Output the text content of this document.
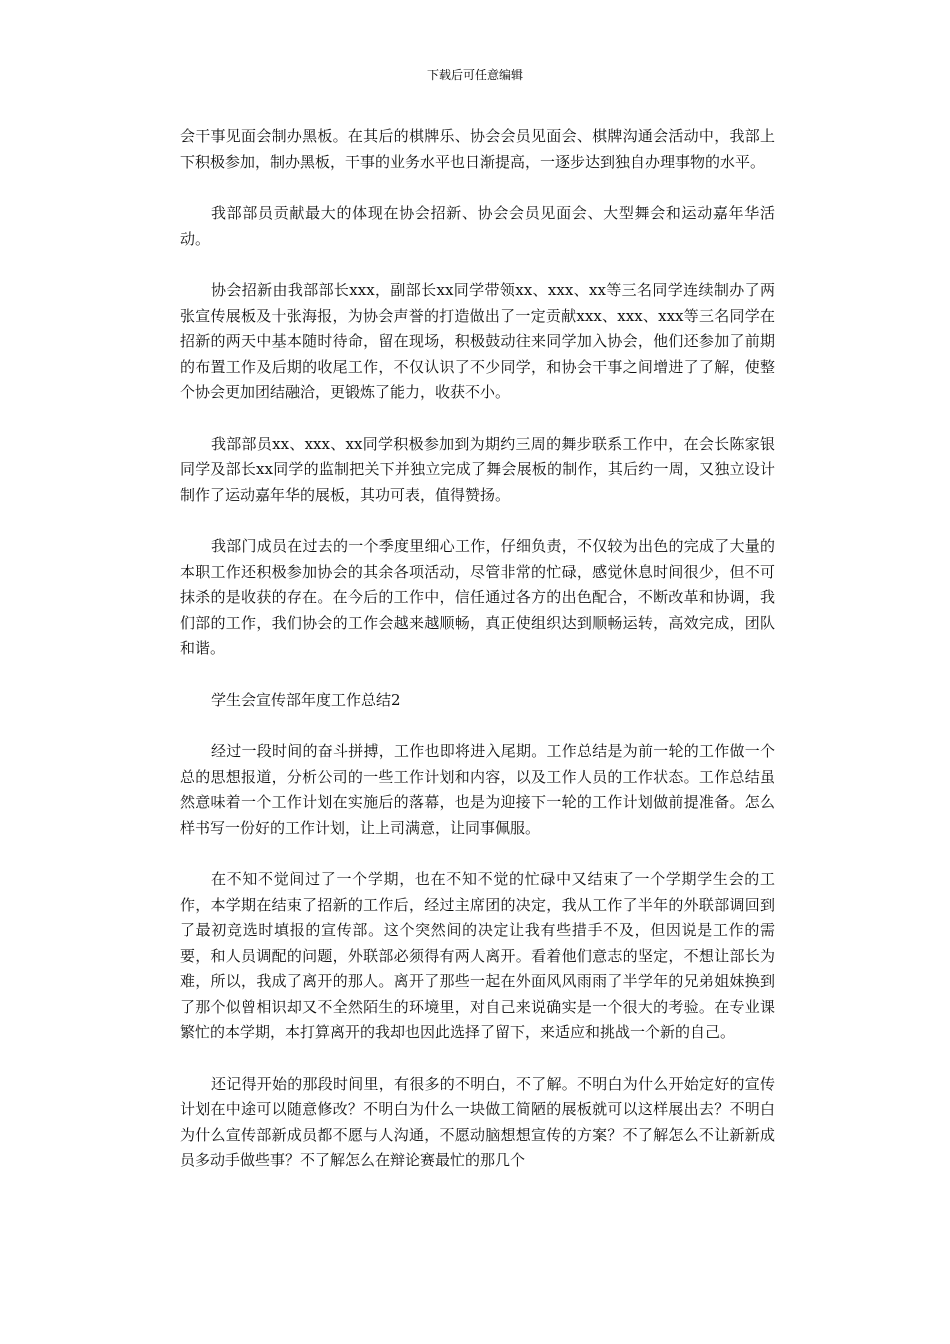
下载后可任意编辑

会干事见面会制办黑板。在其后的棋牌乐、协会会员见面会、棋牌沟通会活动中，我部上下积极参加，制办黑板，干事的业务水平也日渐提高，一逐步达到独自办理事物的水平。

我部部员贡献最大的体现在协会招新、协会会员见面会、大型舞会和运动嘉年华活动。

协会招新由我部部长xxx，副部长xx同学带领xx、xxx、xx等三名同学连续制办了两张宣传展板及十张海报，为协会声誉的打造做出了一定贡献xxx、xxx、xxx等三名同学在招新的两天中基本随时待命，留在现场，积极鼓动往来同学加入协会，他们还参加了前期的布置工作及后期的收尾工作，不仅认识了不少同学，和协会干事之间增进了了解，使整个协会更加团结融洽，更锻炼了能力，收获不小。

我部部员xx、xxx、xx同学积极参加到为期约三周的舞步联系工作中，在会长陈家银同学及部长xx同学的监制把关下并独立完成了舞会展板的制作，其后约一周，又独立设计制作了运动嘉年华的展板，其功可表，值得赞扬。

我部门成员在过去的一个季度里细心工作，仔细负责，不仅较为出色的完成了大量的本职工作还积极参加协会的其余各项活动，尽管非常的忙碌，感觉休息时间很少，但不可抹杀的是收获的存在。在今后的工作中，信任通过各方的出色配合，不断改革和协调，我们部的工作，我们协会的工作会越来越顺畅，真正使组织达到顺畅运转，高效完成，团队和谐。

学生会宣传部年度工作总结2

经过一段时间的奋斗拼搏，工作也即将进入尾期。工作总结是为前一轮的工作做一个总的思想报道，分析公司的一些工作计划和内容，以及工作人员的工作状态。工作总结虽然意味着一个工作计划在实施后的落幕，也是为迎接下一轮的工作计划做前提准备。怎么样书写一份好的工作计划，让上司满意，让同事佩服。

在不知不觉间过了一个学期，也在不知不觉的忙碌中又结束了一个学期学生会的工作，本学期在结束了招新的工作后，经过主席团的决定，我从工作了半年的外联部调回到了最初竞选时填报的宣传部。这个突然间的决定让我有些措手不及，但因说是工作的需要，和人员调配的问题，外联部必须得有两人离开。看着他们意志的坚定，不想让部长为难，所以，我成了离开的那人。离开了那些一起在外面风风雨雨了半学年的兄弟姐妹换到了那个似曾相识却又不全然陌生的环境里，对自己来说确实是一个很大的考验。在专业课繁忙的本学期，本打算离开的我却也因此选择了留下，来适应和挑战一个新的自己。

还记得开始的那段时间里，有很多的不明白，不了解。不明白为什么开始定好的宣传计划在中途可以随意修改？不明白为什么一块做工简陋的展板就可以这样展出去？不明白为什么宣传部新成员都不愿与人沟通，不愿动脑想想宣传的方案？不了解怎么不让新新成员多动手做些事？不了解怎么在辩论赛最忙的那几个
